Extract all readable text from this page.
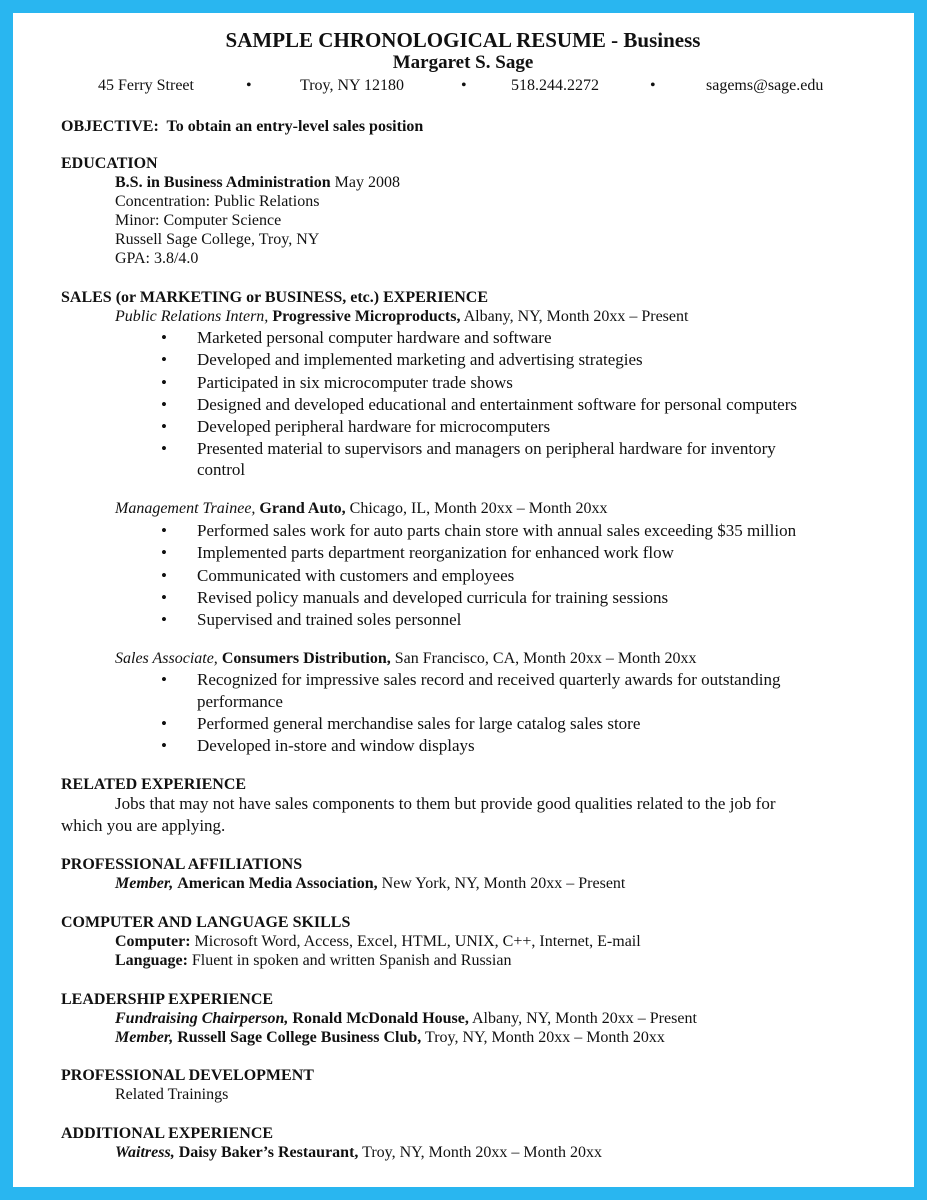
SAMPLE CHRONOLOGICAL RESUME - Business
Margaret S. Sage
45 Ferry Street	•	Troy, NY 12180	•	518.244.2272	•	sagems@sage.edu
OBJECTIVE: To obtain an entry-level sales position
EDUCATION
B.S. in Business Administration May 2008
Concentration: Public Relations
Minor: Computer Science
Russell Sage College, Troy, NY
GPA: 3.8/4.0
SALES (or MARKETING or BUSINESS, etc.) EXPERIENCE
Public Relations Intern, Progressive Microproducts, Albany, NY, Month 20xx – Present
•	Marketed personal computer hardware and software
•	Developed and implemented marketing and advertising strategies
•	Participated in six microcomputer trade shows
•	Designed and developed educational and entertainment software for personal computers
•	Developed peripheral hardware for microcomputers
•	Presented material to supervisors and managers on peripheral hardware for inventory
control
Management Trainee, Grand Auto, Chicago, IL, Month 20xx – Month 20xx
•	Performed sales work for auto parts chain store with annual sales exceeding $35 million
•	Implemented parts department reorganization for enhanced work flow
•	Communicated with customers and employees
•	Revised policy manuals and developed curricula for training sessions
•	Supervised and trained soles personnel
Sales Associate, Consumers Distribution, San Francisco, CA, Month 20xx – Month 20xx
•	Recognized for impressive sales record and received quarterly awards for outstanding
performance
•	Performed general merchandise sales for large catalog sales store
•	Developed in-store and window displays
RELATED EXPERIENCE
Jobs that may not have sales components to them but provide good qualities related to the job for
which you are applying.
PROFESSIONAL AFFILIATIONS
Member, American Media Association, New York, NY, Month 20xx – Present
COMPUTER AND LANGUAGE SKILLS
Computer: Microsoft Word, Access, Excel, HTML, UNIX, C++, Internet, E-mail
Language: Fluent in spoken and written Spanish and Russian
LEADERSHIP EXPERIENCE
Fundraising Chairperson, Ronald McDonald House, Albany, NY, Month 20xx – Present
Member, Russell Sage College Business Club, Troy, NY, Month 20xx – Month 20xx
PROFESSIONAL DEVELOPMENT
Related Trainings
ADDITIONAL EXPERIENCE
Waitress, Daisy Baker’s Restaurant, Troy, NY, Month 20xx – Month 20xx
